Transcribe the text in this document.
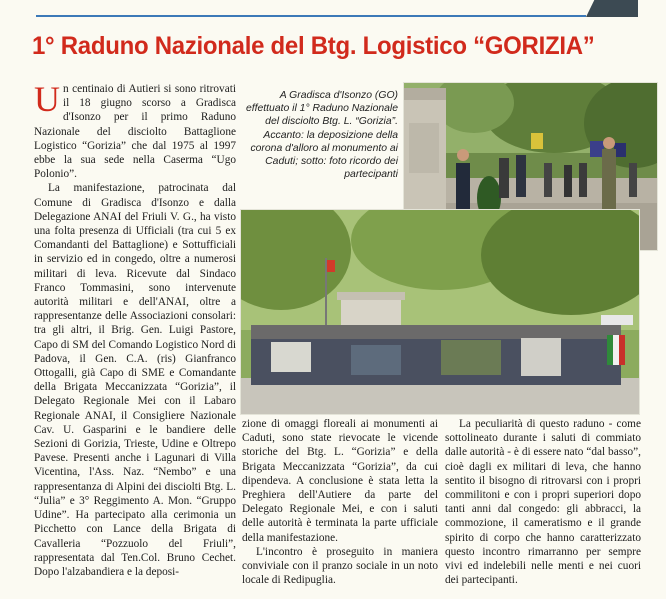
1° Raduno Nazionale del Btg. Logistico “GORIZIA”

Un centinaio di Autieri si sono ritrovati il 18 giugno scorso a Gradisca d'Isonzo per il primo Raduno Nazionale del disciolto Battaglione Logistico “Gorizia” che dal 1975 al 1997 ebbe la sua sede nella Caserma “Ugo Polonio”.

La manifestazione, patrocinata dal Comune di Gradisca d'Isonzo e dalla Delegazione ANAI del Friuli V. G., ha visto una folta presenza di Ufficiali (tra cui 5 ex Comandanti del Battaglione) e Sottufficiali in servizio ed in congedo, oltre a numerosi militari di leva. Ricevute dal Sindaco Franco Tommasini, sono intervenute autorità militari e dell'ANAI, oltre a rappresentanze delle Associazioni consolari: tra gli altri, il Brig. Gen. Luigi Pastore, Capo di SM del Comando Logistico Nord di Padova, il Gen. C.A. (ris) Gianfranco Ottogalli, già Capo di SME e Comandante della Brigata Meccanizzata “Gorizia”, il Delegato Regionale Mei con il Labaro Regionale ANAI, il Consigliere Nazionale Cav. U. Gasparini e le bandiere delle Sezioni di Gorizia, Trieste, Udine e Oltrepo Pavese. Presenti anche i Lagunari di Villa Vicentina, l'Ass. Naz. “Nembo” e una rappresentanza di Alpini dei disciolti Btg. L. “Julia” e 3° Reggimento A. Mon. “Gruppo Udine”. Ha partecipato alla cerimonia un Picchetto con Lance della Brigata di Cavalleria “Pozzuolo del Friuli”, rappresentata dal Ten.Col. Bruno Cechet. Dopo l'alzabandiera e la deposi-

A Gradisca d'Isonzo (GO) effettuato il 1° Raduno Nazionale del disciolto Btg. L. “Gorizia”. Accanto: la deposizione della corona d'alloro al monumento ai Caduti; sotto: foto ricordo dei partecipanti

zione di omaggi floreali ai monumenti ai Caduti, sono state rievocate le vicende storiche del Btg. L. “Gorizia” e della Brigata Meccanizzata “Gorizia”, da cui dipendeva. A conclusione è stata letta la Preghiera dell'Autiere da parte del Delegato Regionale Mei, e con i saluti delle autorità è terminata la parte ufficiale della manifestazione.

L'incontro è proseguito in maniera conviviale con il pranzo sociale in un noto locale di Redipuglia.

La peculiarità di questo raduno - come sottolineato durante i saluti di commiato dalle autorità - è di essere nato “dal basso”, cioè dagli ex militari di leva, che hanno sentito il bisogno di ritrovarsi con i propri commilitoni e con i propri superiori dopo tanti anni dal congedo: gli abbracci, la commozione, il cameratismo e il grande spirito di corpo che hanno caratterizzato questo incontro rimarranno per sempre vivi ed indelebili nelle menti e nei cuori dei partecipanti.
